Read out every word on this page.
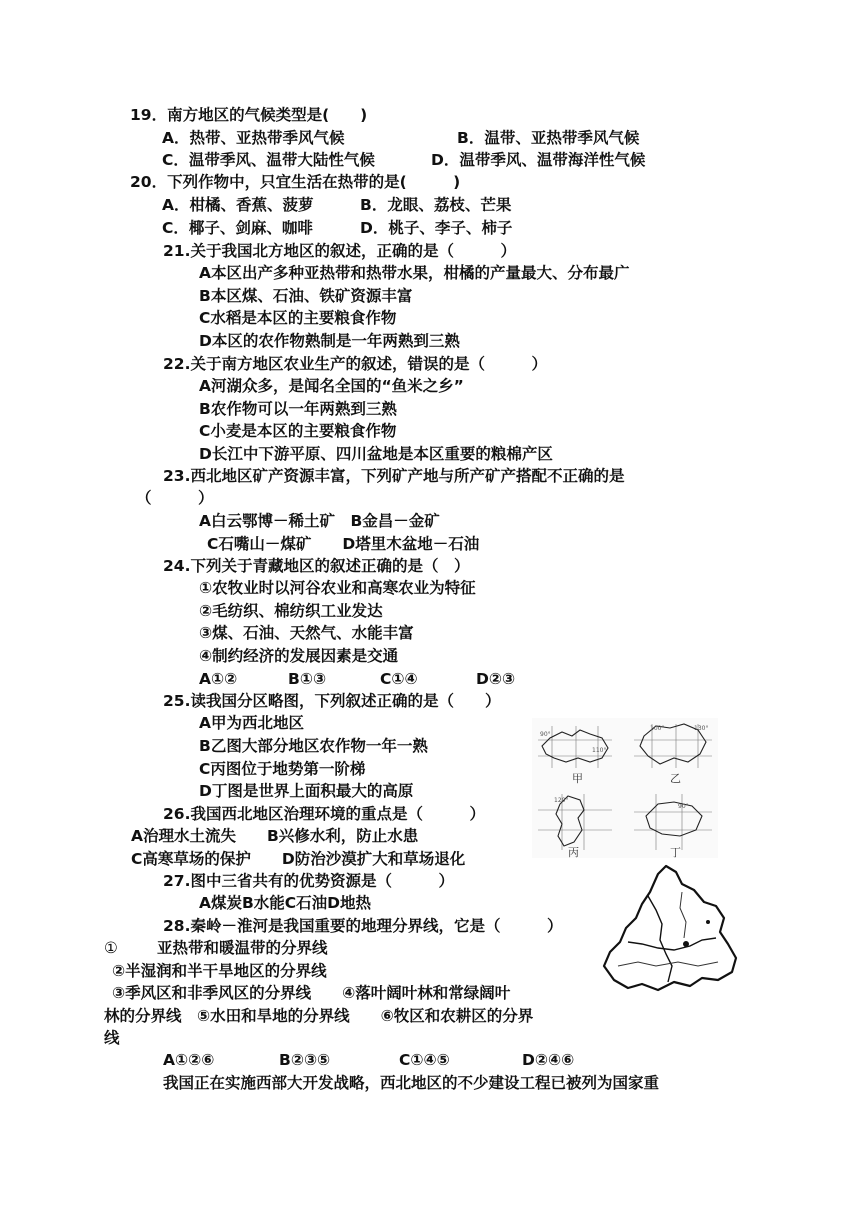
19．南方地区的气候类型是(　　)
A．热带、亚热带季风气候	B．温带、亚热带季风气候
C．温带季风、温带大陆性气候	D．温带季风、温带海洋性气候
20．下列作物中，只宜生活在热带的是(　　　)
A．柑橘、香蕉、菠萝	B．龙眼、荔枝、芒果
C．椰子、剑麻、咖啡	D．桃子、李子、柿子
21.关于我国北方地区的叙述，正确的是（　　　）
A本区出产多种亚热带和热带水果，柑橘的产量最大、分布最广
B本区煤、石油、铁矿资源丰富
C水稻是本区的主要粮食作物
D本区的农作物熟制是一年两熟到三熟
22.关于南方地区农业生产的叙述，错误的是（　　　）
A河湖众多，是闻名全国的“鱼米之乡”
B农作物可以一年两熟到三熟
C小麦是本区的主要粮食作物
D长江中下游平原、四川盆地是本区重要的粮棉产区
23.西北地区矿产资源丰富，下列矿产地与所产矿产搭配不正确的是
（　　　）
A白云鄂博－稀土矿　B金昌－金矿
C石嘴山－煤矿　　D塔里木盆地－石油
24.下列关于青藏地区的叙述正确的是（　）
①农牧业时以河谷农业和高寒农业为特征
②毛纺织、棉纺织工业发达
③煤、石油、天然气、水能丰富
④制约经济的发展因素是交通
A①②	B①③	C①④	D②③
25.读我国分区略图，下列叙述正确的是（　　）
A甲为西北地区
B乙图大部分地区农作物一年一熟
C丙图位于地势第一阶梯
D丁图是世界上面积最大的高原
90°
110°
100°	130°
120°
90°
甲	乙
丙	丁
26.我国西北地区治理环境的重点是（　　　）
A治理水土流失　　B兴修水利，防止水患
C高寒草场的保护　　D防治沙漠扩大和草场退化
27.图中三省共有的优势资源是（　　　）
A煤炭B水能C石油D地热
28.秦岭－淮河是我国重要的地理分界线，它是（　　　）
①	亚热带和暖温带的分界线
②半湿润和半干旱地区的分界线
③季风区和非季风区的分界线　　④落叶阔叶林和常绿阔叶
林的分界线　⑤水田和旱地的分界线　　⑥牧区和农耕区的分界
线
A①②⑥	B②③⑤	C①④⑤	D②④⑥
我国正在实施西部大开发战略，西北地区的不少建设工程已被列为国家重
